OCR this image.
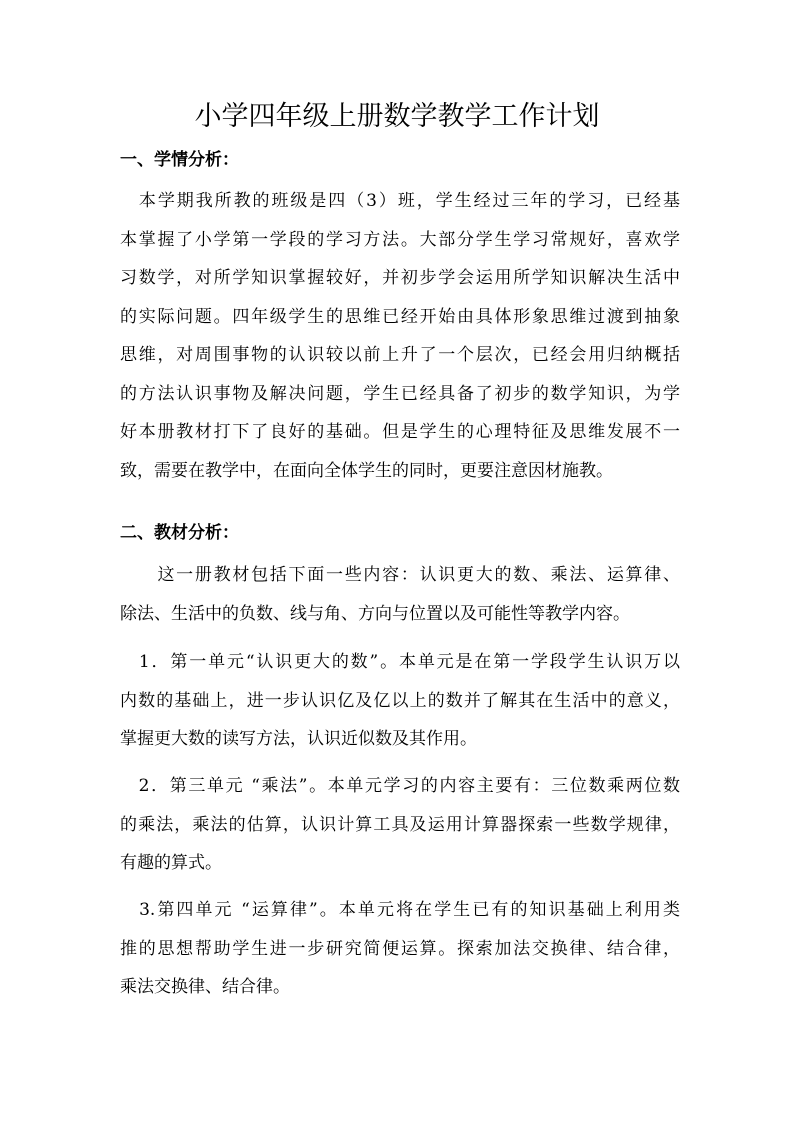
小学四年级上册数学教学工作计划
一、学情分析：
　本学期我所教的班级是四（3）班，学生经过三年的学习，已经基
本掌握了小学第一学段的学习方法。大部分学生学习常规好，喜欢学
习数学，对所学知识掌握较好，并初步学会运用所学知识解决生活中
的实际问题。四年级学生的思维已经开始由具体形象思维过渡到抽象
思维，对周围事物的认识较以前上升了一个层次，已经会用归纳概括
的方法认识事物及解决问题，学生已经具备了初步的数学知识，为学
好本册教材打下了良好的基础。但是学生的心理特征及思维发展不一
致，需要在教学中，在面向全体学生的同时，更要注意因材施教。
二、教材分析：
　　这一册教材包括下面一些内容：认识更大的数、乘法、运算律、
除法、生活中的负数、线与角、方向与位置以及可能性等教学内容。
　1．第一单元“认识更大的数”。本单元是在第一学段学生认识万以
内数的基础上，进一步认识亿及亿以上的数并了解其在生活中的意义，
掌握更大数的读写方法，认识近似数及其作用。
　2．第三单元 “乘法”。本单元学习的内容主要有：三位数乘两位数
的乘法，乘法的估算，认识计算工具及运用计算器探索一些数学规律，
有趣的算式。
　3.第四单元 “运算律”。本单元将在学生已有的知识基础上利用类
推的思想帮助学生进一步研究简便运算。探索加法交换律、结合律，
乘法交换律、结合律。
